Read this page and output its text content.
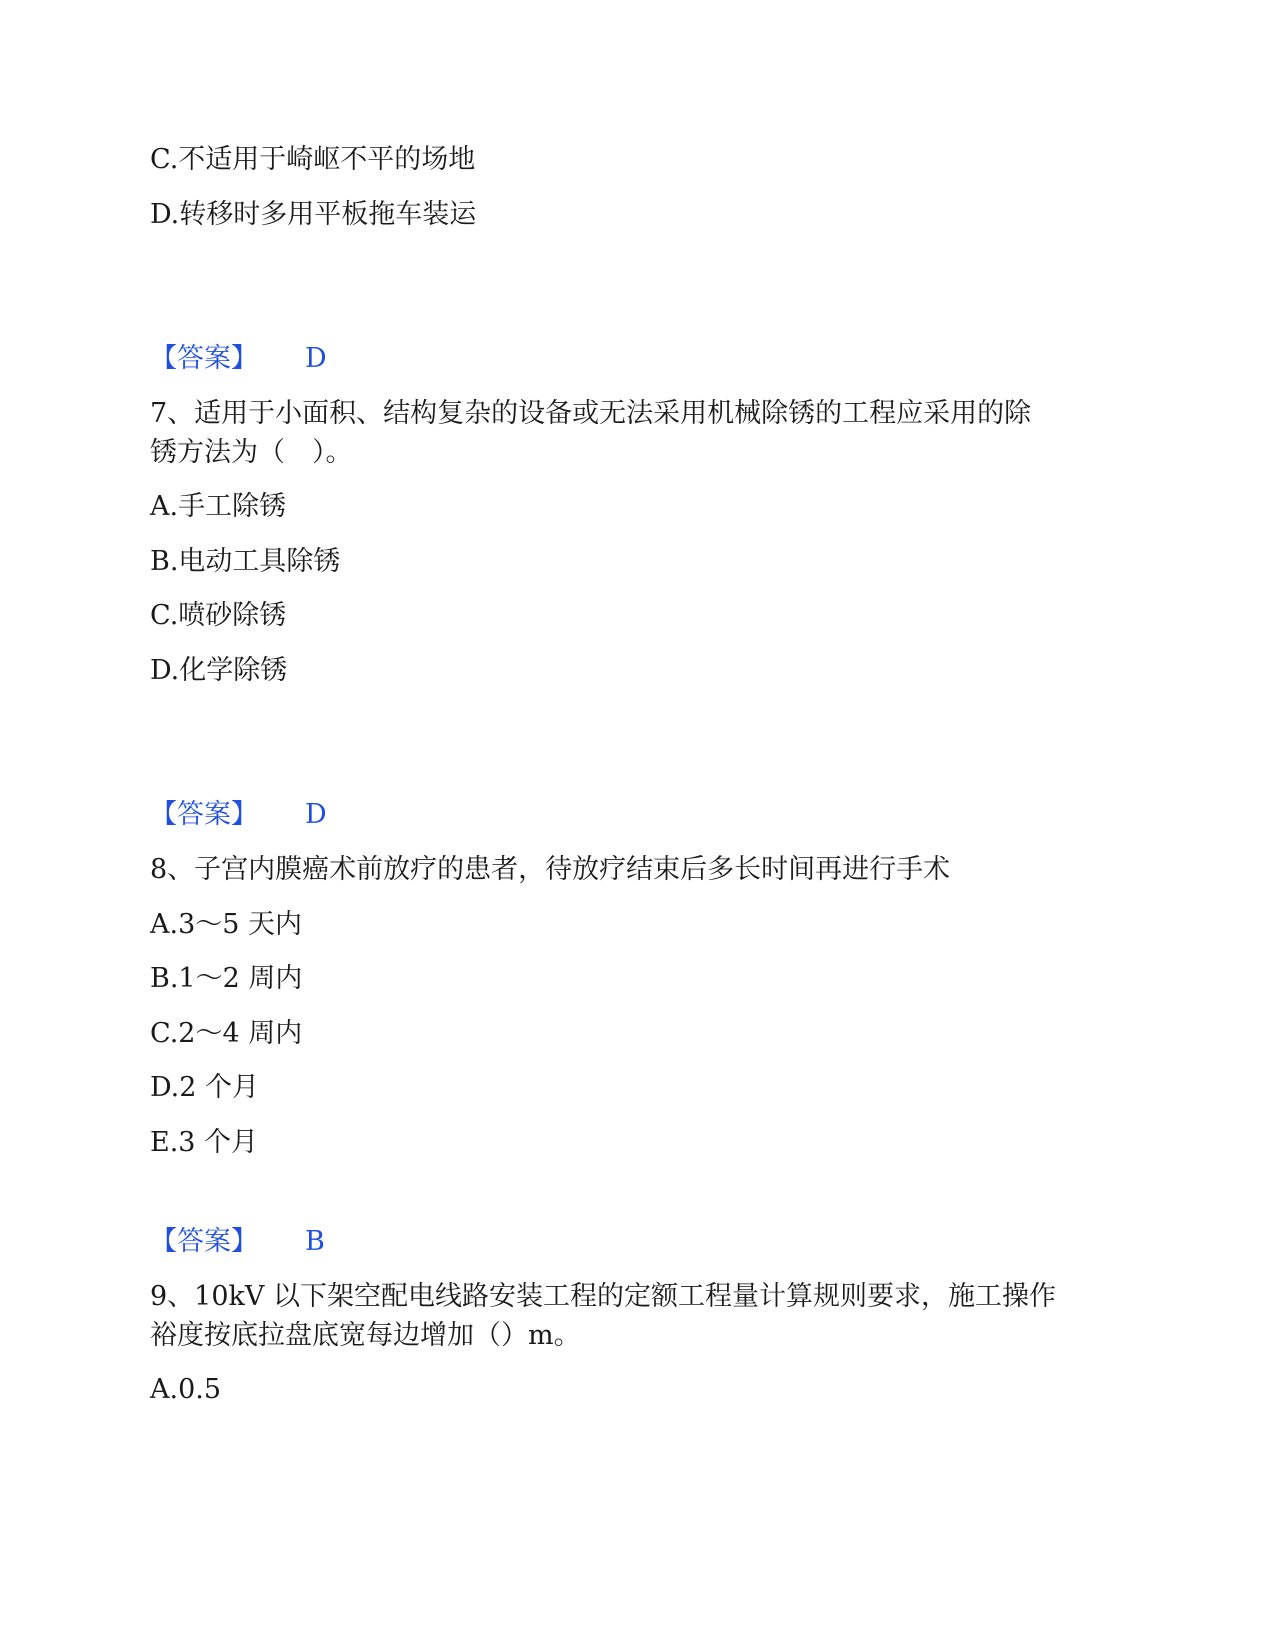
C.不适用于崎岖不平的场地
D.转移时多用平板拖车装运
【答案】 D
7、适用于小面积、结构复杂的设备或无法采用机械除锈的工程应采用的除
锈方法为（　）。
A.手工除锈
B.电动工具除锈
C.喷砂除锈
D.化学除锈
【答案】 D
8、子宫内膜癌术前放疗的患者，待放疗结束后多长时间再进行手术
A.3～5 天内
B.1～2 周内
C.2～4 周内
D.2 个月
E.3 个月
【答案】 B
9、10kV 以下架空配电线路安装工程的定额工程量计算规则要求，施工操作
裕度按底拉盘底宽每边增加（）m。
A.0.5
